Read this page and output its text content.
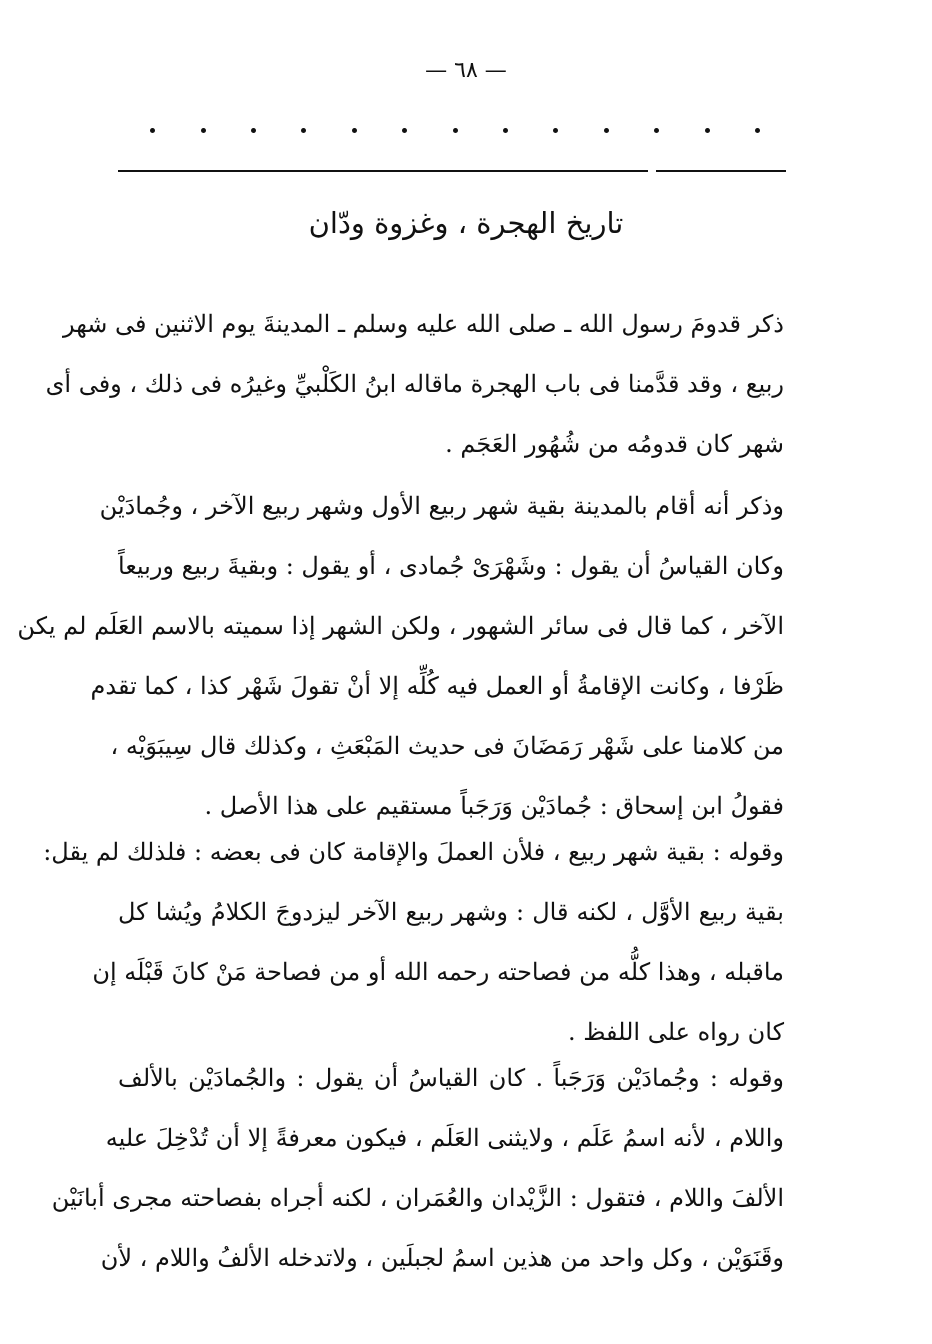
— ٦٨ —
تاريخ الهجرة ، وغزوة ودّان
ذكر قدومَ رسول الله ـ صلى الله عليه وسلم ـ المدينةَ يوم الاثنين فى شهر
ربيع ، وقد قدَّمنا فى باب الهجرة ماقاله ابنُ الكَلْبيِّ وغيرُه فى ذلك ، وفى أى
شهر كان قدومُه من شُهُور العَجَم .
وذكر أنه أقام بالمدينة بقية شهر ربيع الأول وشهر ربيع الآخر ، وجُمادَيْن
وكان القياسُ أن يقول : وشَهْرَىْ جُمادى ، أو يقول : وبقيةَ ربيع وربيعاً
الآخر ، كما قال فى سائر الشهور ، ولكن الشهر إذا سميته بالاسم العَلَم لم يكن
ظَرْفا ، وكانت الإقامةُ أو العمل فيه كُلِّه إلا أنْ تقولَ شَهْر كذا ، كما تقدم
من كلامنا على شَهْر رَمَضَانَ فى حديث المَبْعَثِ ، وكذلك قال سِيبَوَيْه ،
فقولُ ابن إسحاق : جُمادَيْن وَرَجَباً مستقيم على هذا الأصل .
وقوله : بقية شهر ربيع ، فلأن العملَ والإقامة كان فى بعضه : فلذلك لم يقل:
بقية ربيع الأوَّل ، لكنه قال : وشهر ربيع الآخر ليزدوجَ الكلامُ ويُشا كل
ماقبله ، وهذا كلُّه من فصاحته رحمه الله أو من فصاحة مَنْ كانَ قَبْلَه إن
كان رواه على اللفظ .
وقوله : وجُمادَيْن وَرَجَباً . كان القياسُ أن يقول : والجُمادَيْن بالألف
واللام ، لأنه اسمُ عَلَم ، ولايثنى العَلَم ، فيكون معرفةً إلا أن تُدْخِلَ عليه
الألفَ واللام ، فتقول : الزَّيْدان والعُمَران ، لكنه أجراه بفصاحته مجرى أبانَيْن
وقَنَوَيْن ، وكل واحد من هذين اسمُ لجبلَين ، ولاتدخله الألفُ واللام ، لأن
